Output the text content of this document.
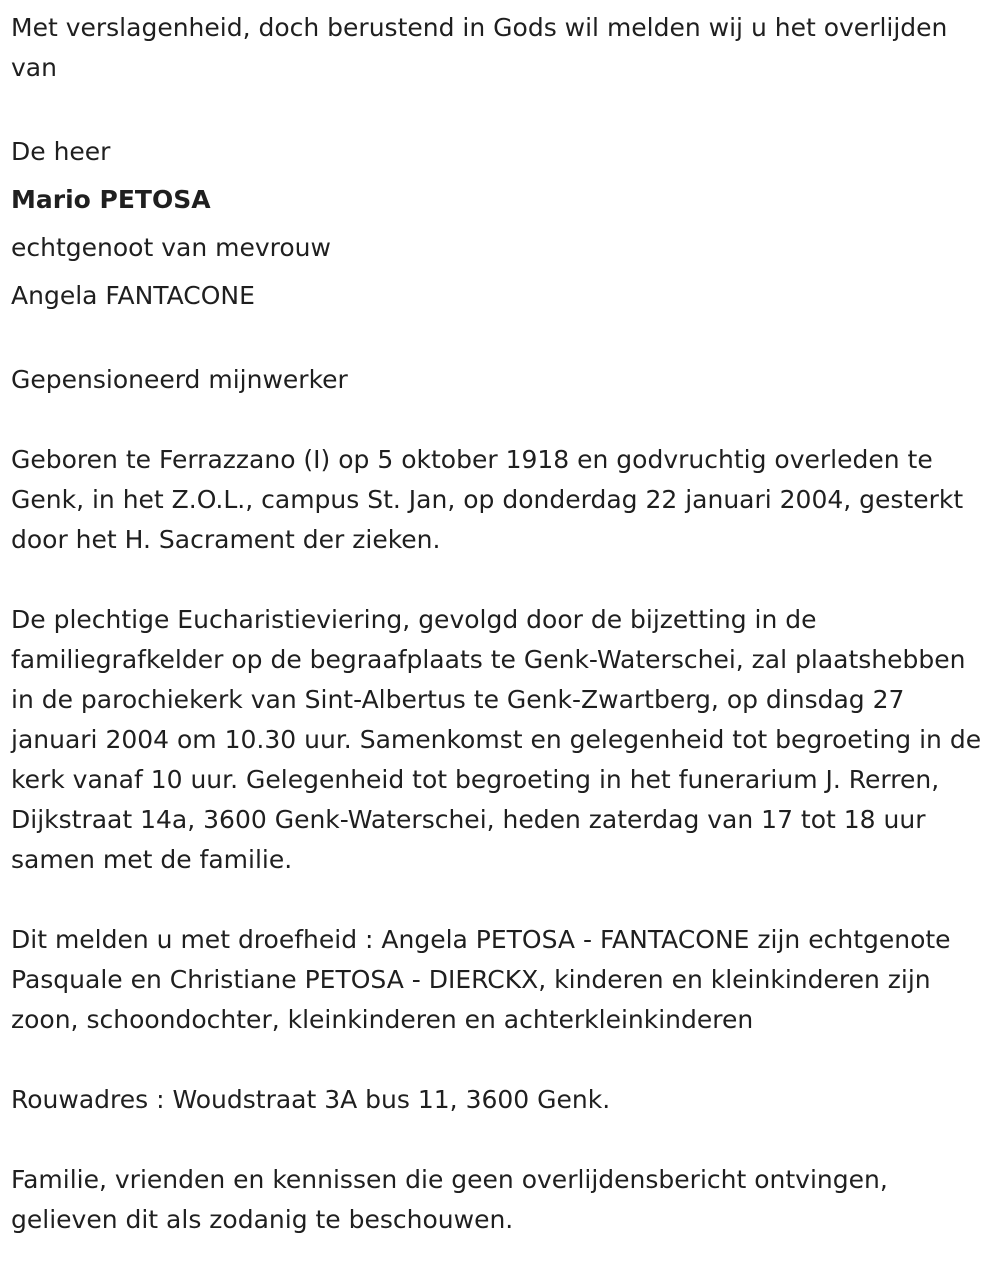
Met verslagenheid, doch berustend in Gods wil melden wij u het overlijden van

De heer

Mario PETOSA

echtgenoot van mevrouw

Angela FANTACONE

Gepensioneerd mijnwerker

Geboren te Ferrazzano (I) op 5 oktober 1918 en godvruchtig overleden te Genk, in het Z.O.L., campus St. Jan, op donderdag 22 januari 2004, gesterkt door het H. Sacrament der zieken.

De plechtige Eucharistieviering, gevolgd door de bijzetting in de familiegrafkelder op de begraafplaats te Genk-Waterschei, zal plaatshebben in de parochiekerk van Sint-Albertus te Genk-Zwartberg, op dinsdag 27 januari 2004 om 10.30 uur. Samenkomst en gelegenheid tot begroeting in de kerk vanaf 10 uur. Gelegenheid tot begroeting in het funerarium J. Rerren, Dijkstraat 14a, 3600 Genk-Waterschei, heden zaterdag van 17 tot 18 uur samen met de familie.

Dit melden u met droefheid : Angela PETOSA - FANTACONE zijn echtgenote Pasquale en Christiane PETOSA - DIERCKX, kinderen en kleinkinderen zijn zoon, schoondochter, kleinkinderen en achterkleinkinderen

Rouwadres : Woudstraat 3A bus 11, 3600 Genk.

Familie, vrienden en kennissen die geen overlijdensbericht ontvingen, gelieven dit als zodanig te beschouwen.
